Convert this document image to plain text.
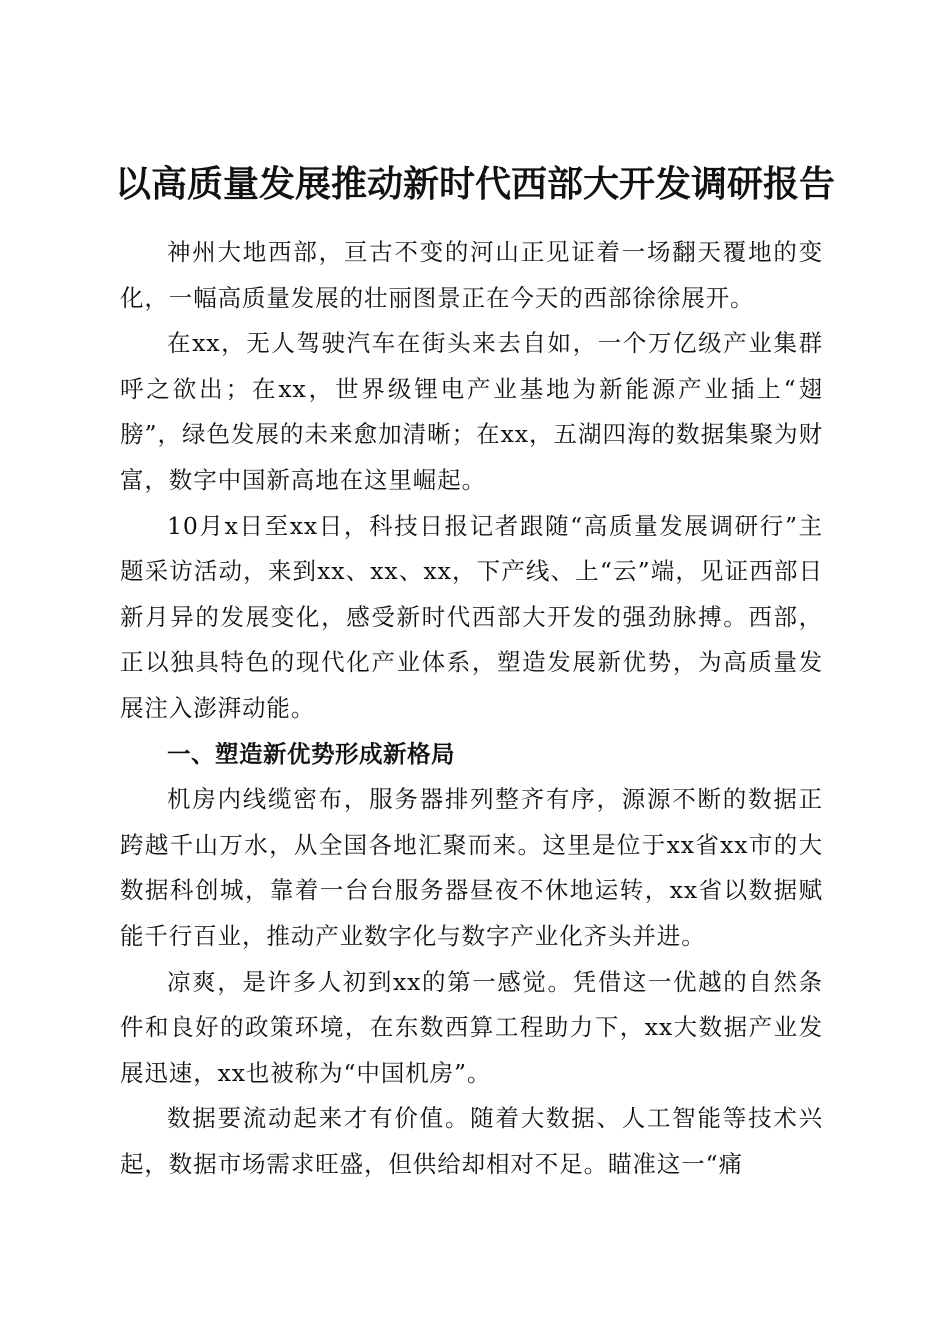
以高质量发展推动新时代西部大开发调研报告

神州大地西部，亘古不变的河山正见证着一场翻天覆地的变化，一幅高质量发展的壮丽图景正在今天的西部徐徐展开。

在xx，无人驾驶汽车在街头来去自如，一个万亿级产业集群呼之欲出；在xx，世界级锂电产业基地为新能源产业插上“翅膀”，绿色发展的未来愈加清晰；在xx，五湖四海的数据集聚为财富，数字中国新高地在这里崛起。

10月x日至xx日，科技日报记者跟随“高质量发展调研行”主题采访活动，来到xx、xx、xx，下产线、上“云”端，见证西部日新月异的发展变化，感受新时代西部大开发的强劲脉搏。西部，正以独具特色的现代化产业体系，塑造发展新优势，为高质量发展注入澎湃动能。

一、塑造新优势形成新格局

机房内线缆密布，服务器排列整齐有序，源源不断的数据正跨越千山万水，从全国各地汇聚而来。这里是位于xx省xx市的大数据科创城，靠着一台台服务器昼夜不休地运转，xx省以数据赋能千行百业，推动产业数字化与数字产业化齐头并进。

凉爽，是许多人初到xx的第一感觉。凭借这一优越的自然条件和良好的政策环境，在东数西算工程助力下，xx大数据产业发展迅速，xx也被称为“中国机房”。

数据要流动起来才有价值。随着大数据、人工智能等技术兴起，数据市场需求旺盛，但供给却相对不足。瞄准这一“痛
